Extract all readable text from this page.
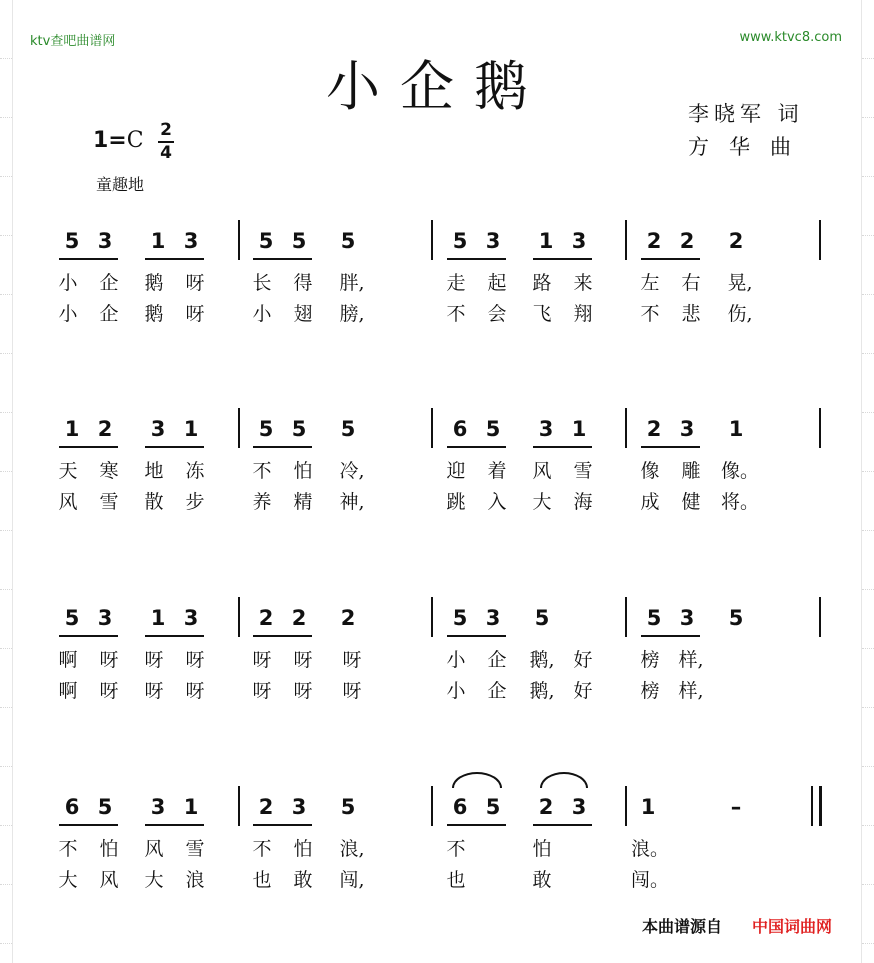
ktv查吧曲谱网	www.ktvc8.com
小企鹅	李晓军 词
方华曲
1=C 2
4
童趣地
5 3 1 3	5 5 5	5 3 1 3	2 2 2
小	企	鹅	呀	长	得	胖,	走	起	路	来	左	右	晃,
小	企	鹅	呀	小	翅	膀,	不	会	飞	翔	不	悲	伤,
1 2 3 1	5 5 5	6 5 3 1	2 3 1
天	寒	地	冻	不	怕	冷,	迎	着	风	雪	像	雕	像。
风	雪	散	步	养	精	神,	跳	入	大	海	成	健	将。
5 3 1 3	2 2 2	5 3 5	5 3 5
啊	呀	呀	呀	呀	呀	呀	小	企	鹅, 好	榜 样,
啊	呀	呀	呀	呀	呀	呀	小	企	鹅, 好	榜 样,
6 5 3 1	2 3 5	6 5 2 3	1	–
不	怕	风	雪	不	怕	浪,	不	怕	浪。
大	风	大	浪	也	敢	闯,	也	敢	闯。
本曲谱源自 中国词曲网
